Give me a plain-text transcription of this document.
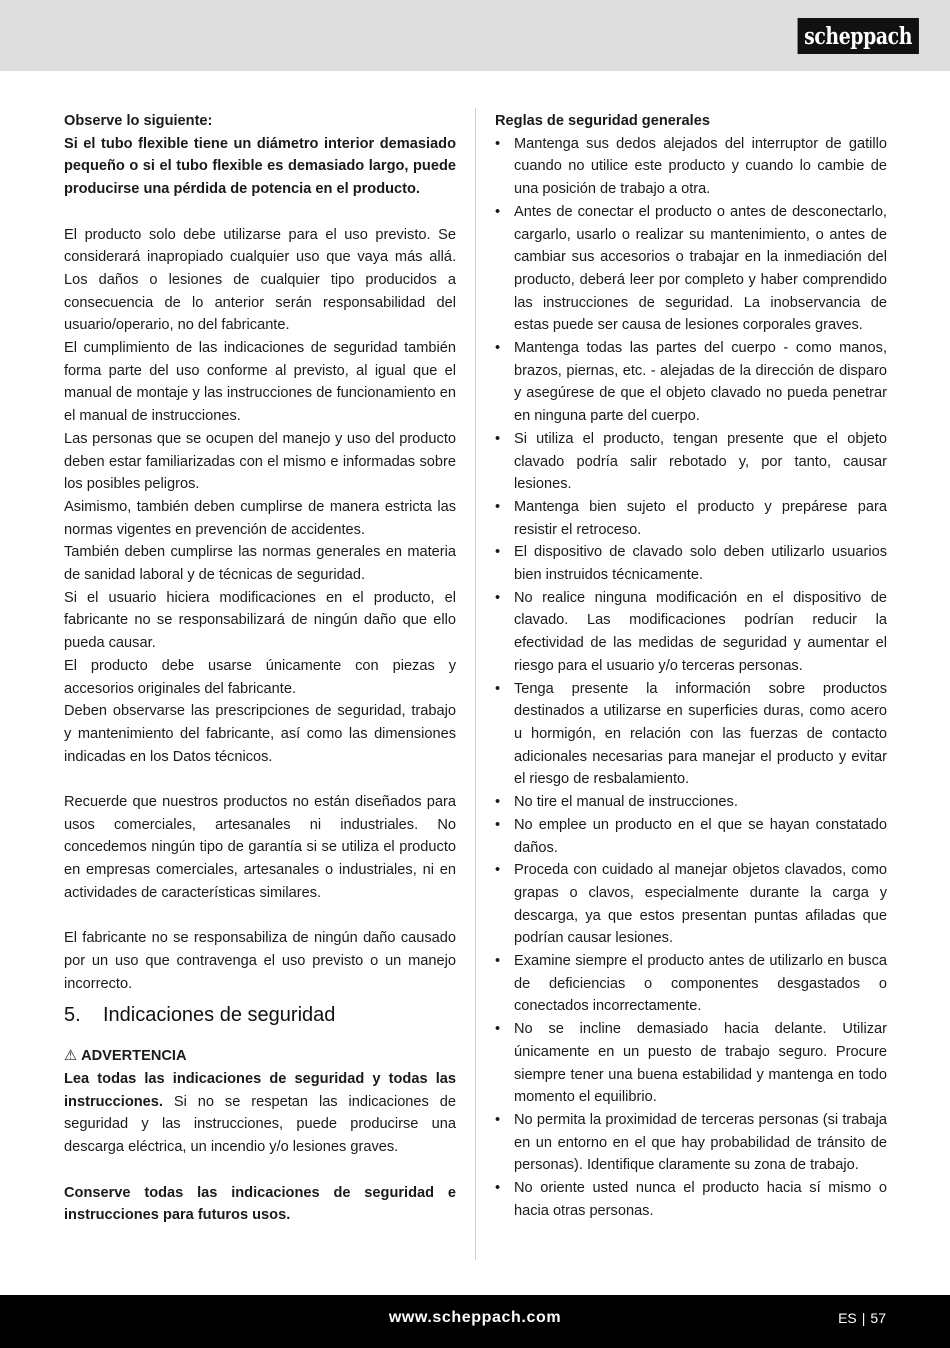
scheppach

Observe lo siguiente:

Si el tubo flexible tiene un diámetro interior demasiado pequeño o si el tubo flexible es demasiado largo, puede producirse una pérdida de potencia en el producto.

El producto solo debe utilizarse para el uso previsto. Se considerará inapropiado cualquier uso que vaya más allá. Los daños o lesiones de cualquier tipo producidos a consecuencia de lo anterior serán responsabilidad del usuario/operario, no del fabricante.

El cumplimiento de las indicaciones de seguridad también forma parte del uso conforme al previsto, al igual que el manual de montaje y las instrucciones de funcionamiento en el manual de instrucciones.

Las personas que se ocupen del manejo y uso del producto deben estar familiarizadas con el mismo e informadas sobre los posibles peligros.

Asimismo, también deben cumplirse de manera estricta las normas vigentes en prevención de accidentes.

También deben cumplirse las normas generales en materia de sanidad laboral y de técnicas de seguridad.

Si el usuario hiciera modificaciones en el producto, el fabricante no se responsabilizará de ningún daño que ello pueda causar.

El producto debe usarse únicamente con piezas y accesorios originales del fabricante.

Deben observarse las prescripciones de seguridad, trabajo y mantenimiento del fabricante, así como las dimensiones indicadas en los Datos técnicos.

Recuerde que nuestros productos no están diseñados para usos comerciales, artesanales ni industriales. No concedemos ningún tipo de garantía si se utiliza el producto en empresas comerciales, artesanales o industriales, ni en actividades de características similares.

El fabricante no se responsabiliza de ningún daño causado por un uso que contravenga el uso previsto o un manejo incorrecto.

5.	Indicaciones de seguridad

⚠ ADVERTENCIA

Lea todas las indicaciones de seguridad y todas las instrucciones. Si no se respetan las indicaciones de seguridad y las instrucciones, puede producirse una descarga eléctrica, un incendio y/o lesiones graves.

Conserve todas las indicaciones de seguridad e instrucciones para futuros usos.

Reglas de seguridad generales

• Mantenga sus dedos alejados del interruptor de gatillo cuando no utilice este producto y cuando lo cambie de una posición de trabajo a otra.
• Antes de conectar el producto o antes de desconectarlo, cargarlo, usarlo o realizar su mantenimiento, o antes de cambiar sus accesorios o trabajar en la inmediación del producto, deberá leer por completo y haber comprendido las instrucciones de seguridad. La inobservancia de estas puede ser causa de lesiones corporales graves.
• Mantenga todas las partes del cuerpo - como manos, brazos, piernas, etc. - alejadas de la dirección de disparo y asegúrese de que el objeto clavado no pueda penetrar en ninguna parte del cuerpo.
• Si utiliza el producto, tengan presente que el objeto clavado podría salir rebotado y, por tanto, causar lesiones.
• Mantenga bien sujeto el producto y prepárese para resistir el retroceso.
• El dispositivo de clavado solo deben utilizarlo usuarios bien instruidos técnicamente.
• No realice ninguna modificación en el dispositivo de clavado. Las modificaciones podrían reducir la efectividad de las medidas de seguridad y aumentar el riesgo para el usuario y/o terceras personas.
• Tenga presente la información sobre productos destinados a utilizarse en superficies duras, como acero u hormigón, en relación con las fuerzas de contacto adicionales necesarias para manejar el producto y evitar el riesgo de resbalamiento.
• No tire el manual de instrucciones.
• No emplee un producto en el que se hayan constatado daños.
• Proceda con cuidado al manejar objetos clavados, como grapas o clavos, especialmente durante la carga y descarga, ya que estos presentan puntas afiladas que podrían causar lesiones.
• Examine siempre el producto antes de utilizarlo en busca de deficiencias o componentes desgastados o conectados incorrectamente.
• No se incline demasiado hacia delante. Utilizar únicamente en un puesto de trabajo seguro. Procure siempre tener una buena estabilidad y mantenga en todo momento el equilibrio.
• No permita la proximidad de terceras personas (si trabaja en un entorno en el que hay probabilidad de tránsito de personas). Identifique claramente su zona de trabajo.
• No oriente usted nunca el producto hacia sí mismo o hacia otras personas.
www.scheppach.com	ES | 57
